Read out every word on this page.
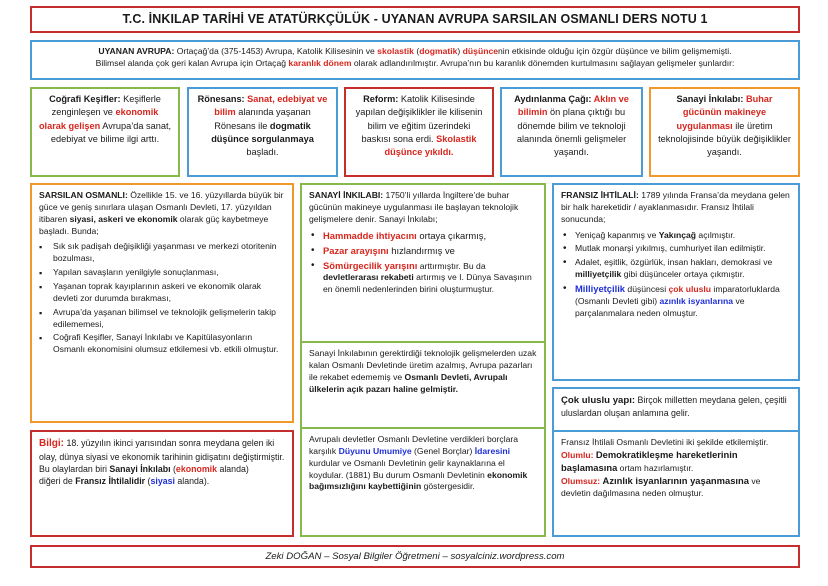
T.C. İNKILAP TARİHİ VE ATATÜRKÇÜLÜK - UYANAN AVRUPA SARSILAN OSMANLI DERS NOTU 1

UYANAN AVRUPA: Ortaçağ’da (375-1453) Avrupa, Katolik Kilisesinin ve skolastik (dogmatik) düşüncenin etkisinde olduğu için özgür düşünce ve bilim gelişmemişti.

Bilimsel alanda çok geri kalan Avrupa için Ortaçağ karanlık dönem olarak adlandırılmıştır. Avrupa’nın bu karanlık dönemden kurtulmasını sağlayan gelişmeler şunlardır:

Coğrafi Keşifler: Keşiflerle zenginleşen ve ekonomik olarak gelişen Avrupa’da sanat, edebiyat ve bilime ilgi arttı.
Rönesans: Sanat, edebiyat ve bilim alanında yaşanan Rönesans ile dogmatik düşünce sorgulanmaya başladı.
Reform: Katolik Kilisesinde yapılan değişiklikler ile kilisenin bilim ve eğitim üzerindeki baskısı sona erdi. Skolastik düşünce yıkıldı.
Aydınlanma Çağı: Aklın ve bilimin ön plana çıktığı bu dönemde bilim ve teknoloji alanında önemli gelişmeler yaşandı.
Sanayi İnkılabı: Buhar gücünün makineye uygulanması ile üretim teknolojisinde büyük değişiklikler yaşandı.
SARSILAN OSMANLI: Özellikle 15. ve 16. yüzyıllarda büyük bir güce ve geniş sınırlara ulaşan Osmanlı Devleti, 17. yüzyıldan itibaren siyasi, askeri ve ekonomik olarak güç kaybetmeye başladı. Bunda;
▪ Sık sık padişah değişikliği yaşanması ve merkezi otoritenin bozulması,
▪ Yapılan savaşların yenilgiyle sonuçlanması,
▪ Yaşanan toprak kayıplarının askeri ve ekonomik olarak devleti zor durumda bırakması,
▪ Avrupa’da yaşanan bilimsel ve teknolojik gelişmelerin takip edilememesi,
▪ Coğrafi Keşifler, Sanayi İnkılabı ve Kapitülasyonların Osmanlı ekonomisini olumsuz etkilemesi vb. etkili olmuştur.
Bilgi: 18. yüzyılın ikinci yarısından sonra meydana gelen iki olay, dünya siyasi ve ekonomik tarihinin gidişatını değiştirmiştir.
Bu olaylardan biri Sanayi İnkılabı (ekonomik alanda)
diğeri de Fransız İhtilalidir (siyasi alanda).
SANAYİ İNKILABI: 1750’li yıllarda İngiltere’de buhar gücünün makineye uygulanması ile başlayan teknolojik gelişmelere denir. Sanayi İnkılabı;
• Hammadde ihtiyacını ortaya çıkarmış,
• Pazar arayışını hızlandırmış ve
• Sömürgecilik yarışını arttırmıştır. Bu da devletlerarası rekabeti artırmış ve I. Dünya Savaşının en önemli nedenlerinden birini oluşturmuştur.
Sanayi İnkılabının gerektirdiği teknolojik gelişmelerden uzak kalan Osmanlı Devletinde üretim azalmış, Avrupa pazarları ile rekabet edememiş ve Osmanlı Devleti, Avrupalı ülkelerin açık pazarı haline gelmiştir.
Avrupalı devletler Osmanlı Devletine verdikleri borçlara karşılık Düyunu Umumiye (Genel Borçlar) İdaresini kurdular ve Osmanlı Devletinin gelir kaynaklarına el koydular. (1881) Bu durum Osmanlı Devletinin ekonomik bağımsızlığını kaybettiğinin göstergesidir.
FRANSIZ İHTİLALİ: 1789 yılında Fransa’da meydana gelen bir halk hareketidir / ayaklanmasıdır. Fransız İhtilali sonucunda;
• Yeniçağ kapanmış ve Yakınçağ açılmıştır.
• Mutlak monarşi yıkılmış, cumhuriyet ilan edilmiştir.
• Adalet, eşitlik, özgürlük, insan hakları, demokrasi ve milliyetçilik gibi düşünceler ortaya çıkmıştır.
• Milliyetçilik düşüncesi çok uluslu imparatorluklarda (Osmanlı Devleti gibi) azınlık isyanlarına ve parçalanmalara neden olmuştur.
Çok uluslu yapı: Birçok milletten meydana gelen, çeşitli uluslardan oluşan anlamına gelir.
Fransız İhtilali Osmanlı Devletini iki şekilde etkilemiştir.
Olumlu: Demokratikleşme hareketlerinin başlamasına ortam hazırlamıştır.
Olumsuz: Azınlık isyanlarının yaşanmasına ve devletin dağılmasına neden olmuştur.
Zeki DOĞAN – Sosyal Bilgiler Öğretmeni – sosyalciniz.wordpress.com
